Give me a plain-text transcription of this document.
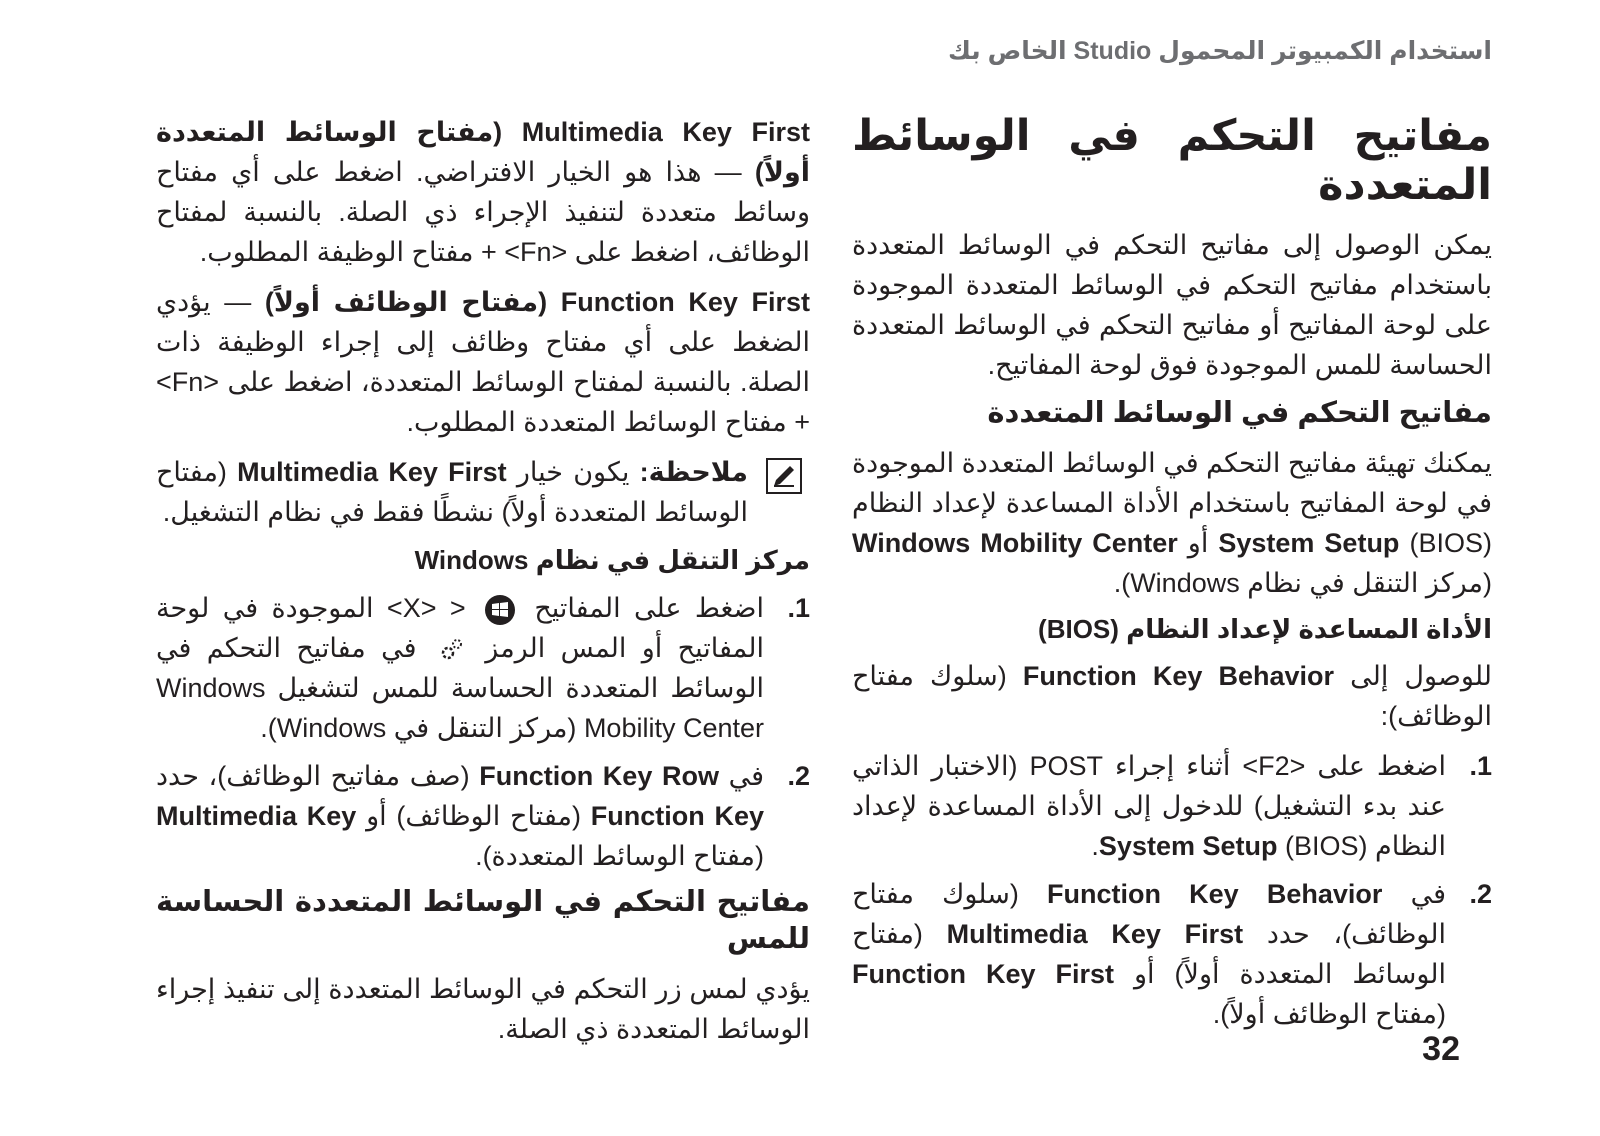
استخدام الكمبيوتر المحمول Studio الخاص بك
مفاتيح التحكم في الوسائط المتعددة

يمكن الوصول إلى مفاتيح التحكم في الوسائط المتعددة باستخدام مفاتيح التحكم في الوسائط المتعددة الموجودة على لوحة المفاتيح أو مفاتيح التحكم في الوسائط المتعددة الحساسة للمس الموجودة فوق لوحة المفاتيح.

مفاتيح التحكم في الوسائط المتعددة

يمكنك تهيئة مفاتيح التحكم في الوسائط المتعددة الموجودة في لوحة المفاتيح باستخدام الأداة المساعدة لإعداد النظام System Setup (BIOS) أو Windows Mobility Center (مركز التنقل في نظام Windows).

الأداة المساعدة لإعداد النظام (BIOS)

للوصول إلى Function Key Behavior (سلوك مفتاح الوظائف):

1.
اضغط على <F2> أثناء إجراء POST (الاختبار الذاتي عند بدء التشغيل) للدخول إلى الأداة المساعدة لإعداد النظام (BIOS) System Setup.
2.
في Function Key Behavior (سلوك مفتاح الوظائف)، حدد Multimedia Key First (مفتاح الوسائط المتعددة أولاً) أو Function Key First (مفتاح الوظائف أولاً).

Multimedia Key First (مفتاح الوسائط المتعددة أولاً) — هذا هو الخيار الافتراضي. اضغط على أي مفتاح وسائط متعددة لتنفيذ الإجراء ذي الصلة. بالنسبة لمفتاح الوظائف، اضغط على <Fn> + مفتاح الوظيفة المطلوب.

Function Key First (مفتاح الوظائف أولاً) — يؤدي الضغط على أي مفتاح وظائف إلى إجراء الوظيفة ذات الصلة. بالنسبة لمفتاح الوسائط المتعددة، اضغط على <Fn> + مفتاح الوسائط المتعددة المطلوب.

ملاحظة: يكون خيار Multimedia Key First (مفتاح الوسائط المتعددة أولاً) نشطًا فقط في نظام التشغيل.
مركز التنقل في نظام Windows
1.
اضغط على المفاتيح
< <X> الموجودة في لوحة المفاتيح أو المس الرمز  في مفاتيح التحكم في الوسائط المتعددة الحساسة للمس لتشغيل Windows Mobility Center (مركز التنقل في Windows).
2.
في Function Key Row (صف مفاتيح الوظائف)، حدد Function Key (مفتاح الوظائف) أو Multimedia Key (مفتاح الوسائط المتعددة).
مفاتيح التحكم في الوسائط المتعددة الحساسة للمس

يؤدي لمس زر التحكم في الوسائط المتعددة إلى تنفيذ إجراء الوسائط المتعددة ذي الصلة.

32
